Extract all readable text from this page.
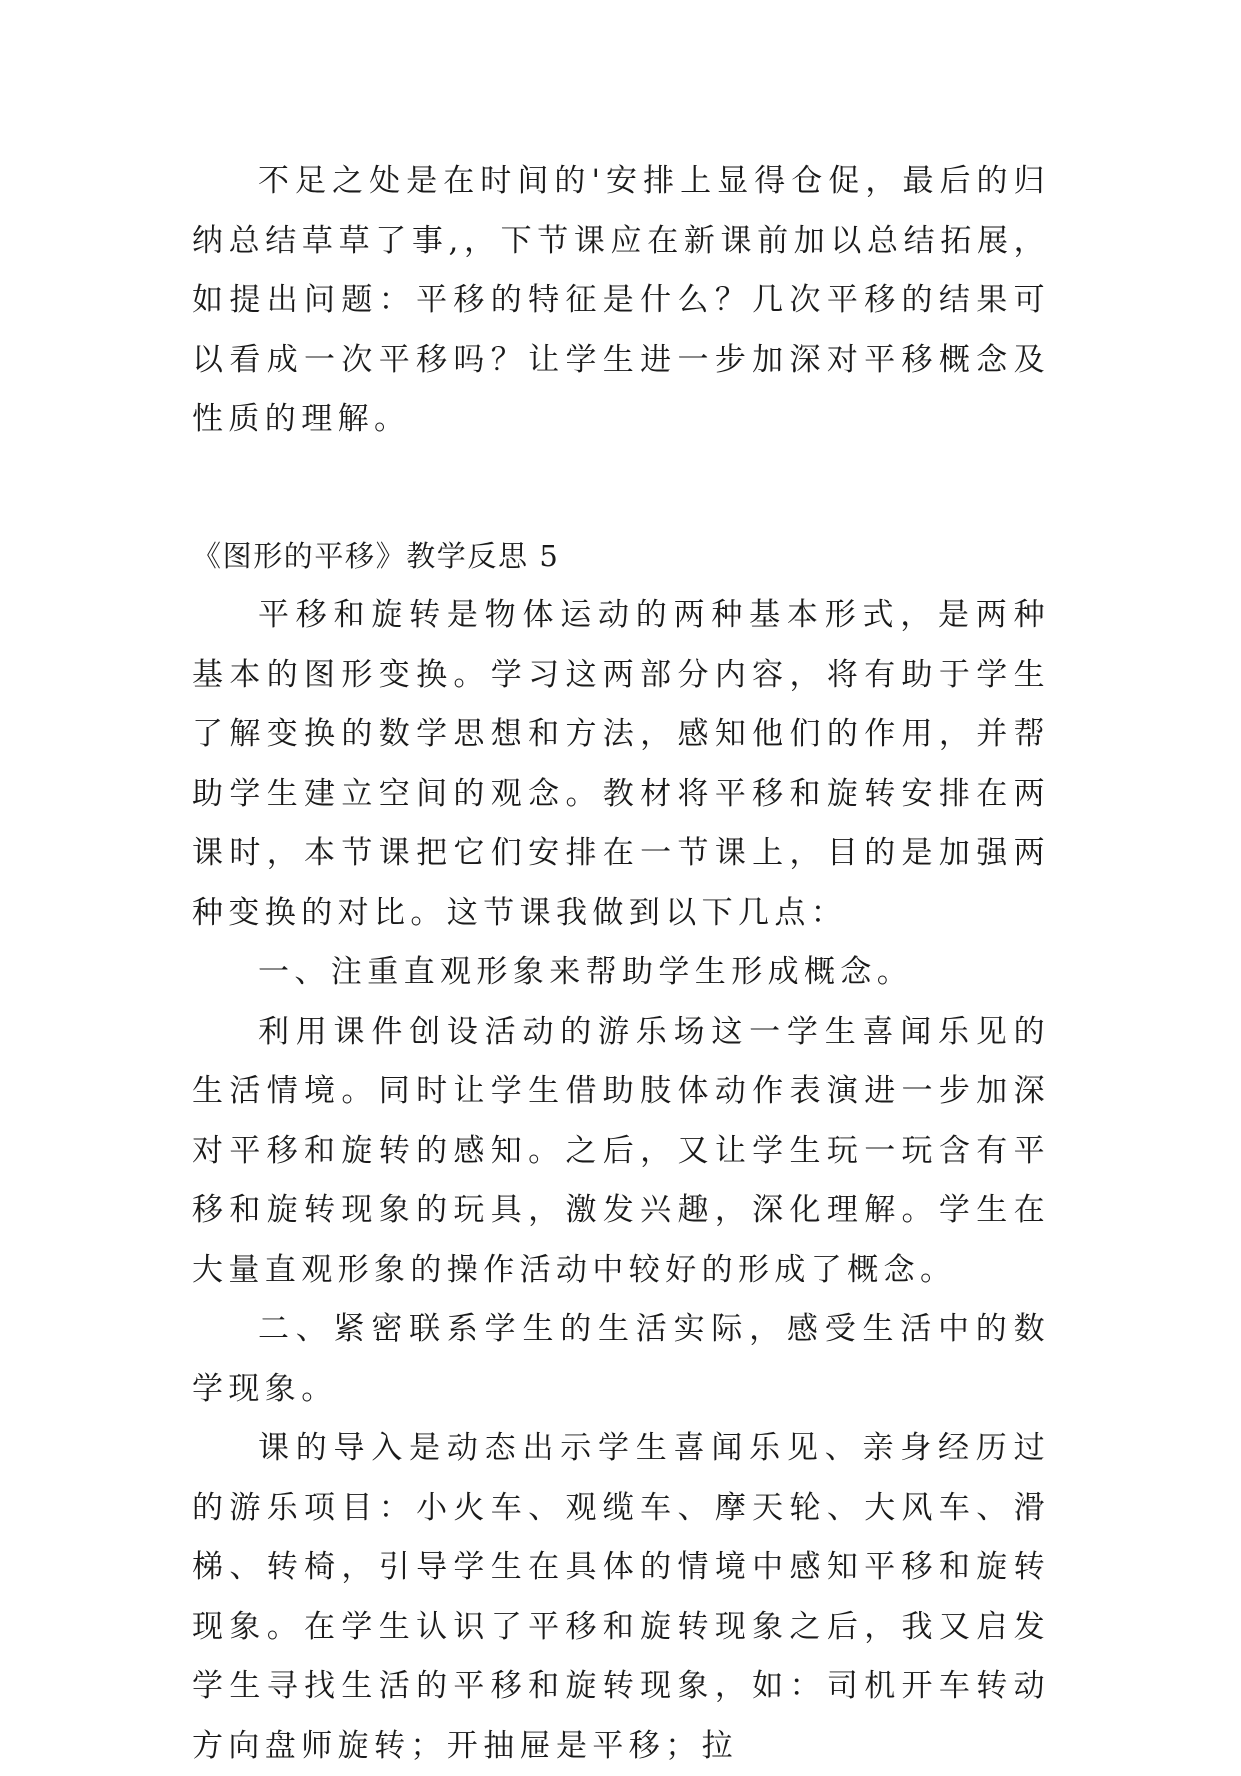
不足之处是在时间的'安排上显得仓促，最后的归纳总结草草了事,，下节课应在新课前加以总结拓展，如提出问题：平移的特征是什么？几次平移的结果可以看成一次平移吗？让学生进一步加深对平移概念及性质的理解。

《图形的平移》教学反思 5

平移和旋转是物体运动的两种基本形式，是两种基本的图形变换。学习这两部分内容，将有助于学生了解变换的数学思想和方法，感知他们的作用，并帮助学生建立空间的观念。教材将平移和旋转安排在两课时，本节课把它们安排在一节课上，目的是加强两种变换的对比。这节课我做到以下几点：

一、注重直观形象来帮助学生形成概念。

利用课件创设活动的游乐场这一学生喜闻乐见的生活情境。同时让学生借助肢体动作表演进一步加深对平移和旋转的感知。之后，又让学生玩一玩含有平移和旋转现象的玩具，激发兴趣，深化理解。学生在大量直观形象的操作活动中较好的形成了概念。

二、紧密联系学生的生活实际，感受生活中的数学现象。

课的导入是动态出示学生喜闻乐见、亲身经历过的游乐项目：小火车、观缆车、摩天轮、大风车、滑梯、转椅，引导学生在具体的情境中感知平移和旋转现象。在学生认识了平移和旋转现象之后，我又启发学生寻找生活的平移和旋转现象，如：司机开车转动方向盘师旋转；开抽屉是平移；拉
